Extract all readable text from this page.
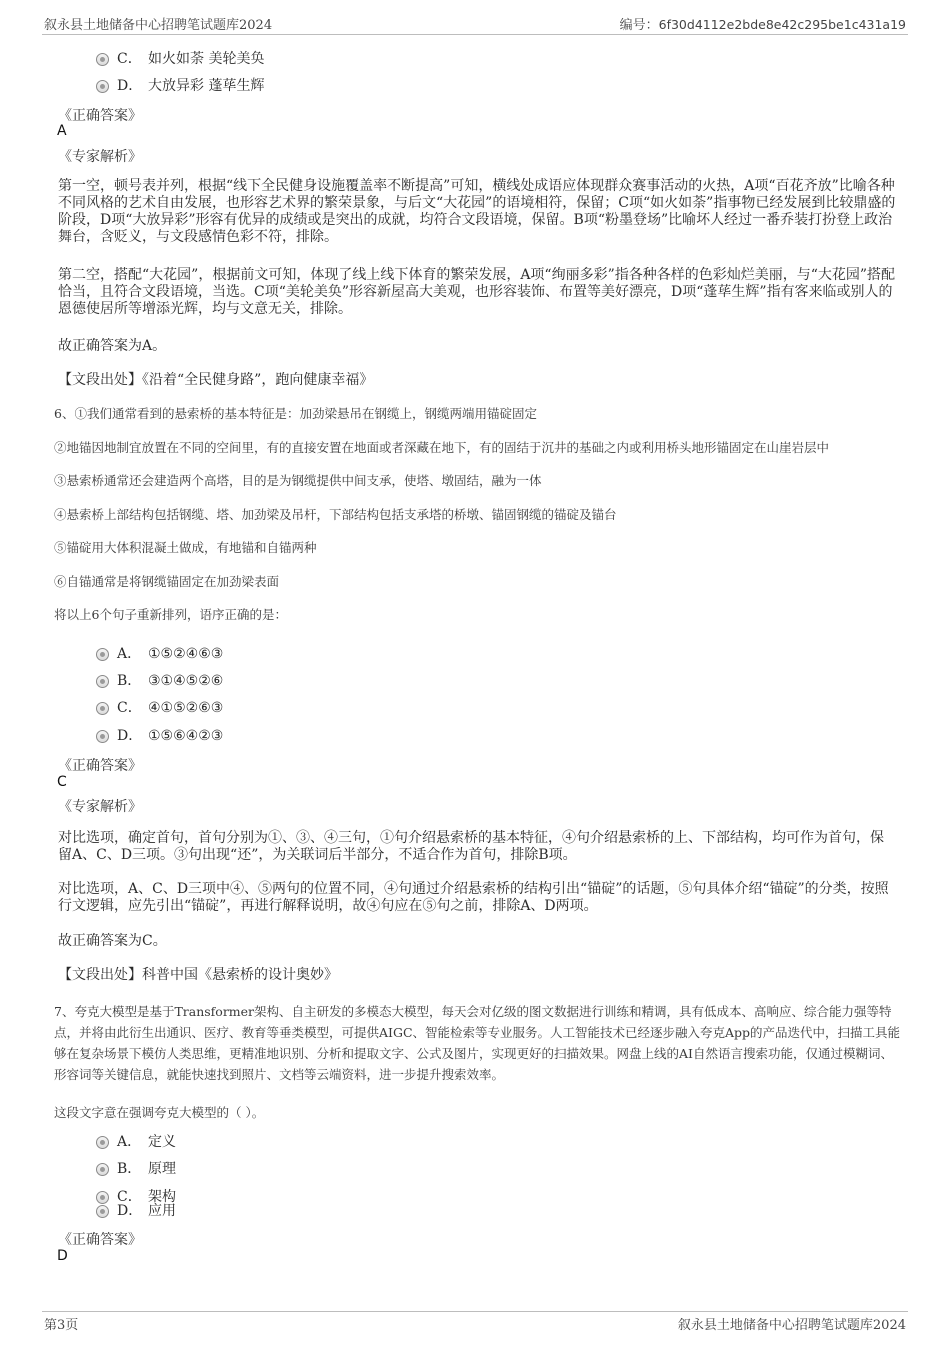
叙永县土地储备中心招聘笔试题库2024	编号：6f30d4112e2bde8e42c295be1c431a19
C． 如火如荼 美轮美奂
D． 大放异彩 蓬荜生辉
《正确答案》
A
《专家解析》
第一空，顿号表并列，根据“线下全民健身设施覆盖率不断提高”可知，横线处成语应体现群众赛事活动的火热，A项“百花齐放”比喻各种不同风格的艺术自由发展，也形容艺术界的繁荣景象，与后文“大花园”的语境相符，保留；C项“如火如荼”指事物已经发展到比较鼎盛的阶段，D项“大放异彩”形容有优异的成绩或是突出的成就，均符合文段语境，保留。B项“粉墨登场”比喻坏人经过一番乔装打扮登上政治舞台，含贬义，与文段感情色彩不符，排除。
第二空，搭配“大花园”，根据前文可知，体现了线上线下体育的繁荣发展，A项“绚丽多彩”指各种各样的色彩灿烂美丽，与“大花园”搭配恰当，且符合文段语境，当选。C项“美轮美奂”形容新屋高大美观，也形容装饰、布置等美好漂亮，D项“蓬荜生辉”指有客来临或别人的恩德使居所等增添光辉，均与文意无关，排除。
故正确答案为A。
【文段出处】《沿着“全民健身路”，跑向健康幸福》
6、①我们通常看到的悬索桥的基本特征是：加劲梁悬吊在钢缆上，钢缆两端用锚碇固定
②地锚因地制宜放置在不同的空间里，有的直接安置在地面或者深藏在地下，有的固结于沉井的基础之内或利用桥头地形锚固定在山崖岩层中
③悬索桥通常还会建造两个高塔，目的是为钢缆提供中间支承，使塔、墩固结，融为一体
④悬索桥上部结构包括钢缆、塔、加劲梁及吊杆，下部结构包括支承塔的桥墩、锚固钢缆的锚碇及锚台
⑤锚碇用大体积混凝土做成，有地锚和自锚两种
⑥自锚通常是将钢缆锚固定在加劲梁表面
将以上6个句子重新排列，语序正确的是：
A． ①⑤②④⑥③
B． ③①④⑤②⑥
C． ④①⑤②⑥③
D． ①⑤⑥④②③
《正确答案》
C
《专家解析》
对比选项，确定首句，首句分别为①、③、④三句，①句介绍悬索桥的基本特征，④句介绍悬索桥的上、下部结构，均可作为首句，保留A、C、D三项。③句出现“还”，为关联词后半部分，不适合作为首句，排除B项。
对比选项，A、C、D三项中④、⑤两句的位置不同，④句通过介绍悬索桥的结构引出“锚碇”的话题，⑤句具体介绍“锚碇”的分类，按照行文逻辑，应先引出“锚碇”，再进行解释说明，故④句应在⑤句之前，排除A、D两项。
故正确答案为C。
【文段出处】科普中国《悬索桥的设计奥妙》
7、夸克大模型是基于Transformer架构、自主研发的多模态大模型，每天会对亿级的图文数据进行训练和精调，具有低成本、高响应、综合能力强等特点，并将由此衍生出通识、医疗、教育等垂类模型，可提供AIGC、智能检索等专业服务。人工智能技术已经逐步融入夸克App的产品迭代中，扫描工具能够在复杂场景下模仿人类思维，更精准地识别、分析和提取文字、公式及图片，实现更好的扫描效果。网盘上线的AI自然语言搜索功能，仅通过模糊词、形容词等关键信息，就能快速找到照片、文档等云端资料，进一步提升搜索效率。
这段文字意在强调夸克大模型的（ ）。
A． 定义
B． 原理
C． 架构
D． 应用
《正确答案》
D
第3页	叙永县土地储备中心招聘笔试题库2024
